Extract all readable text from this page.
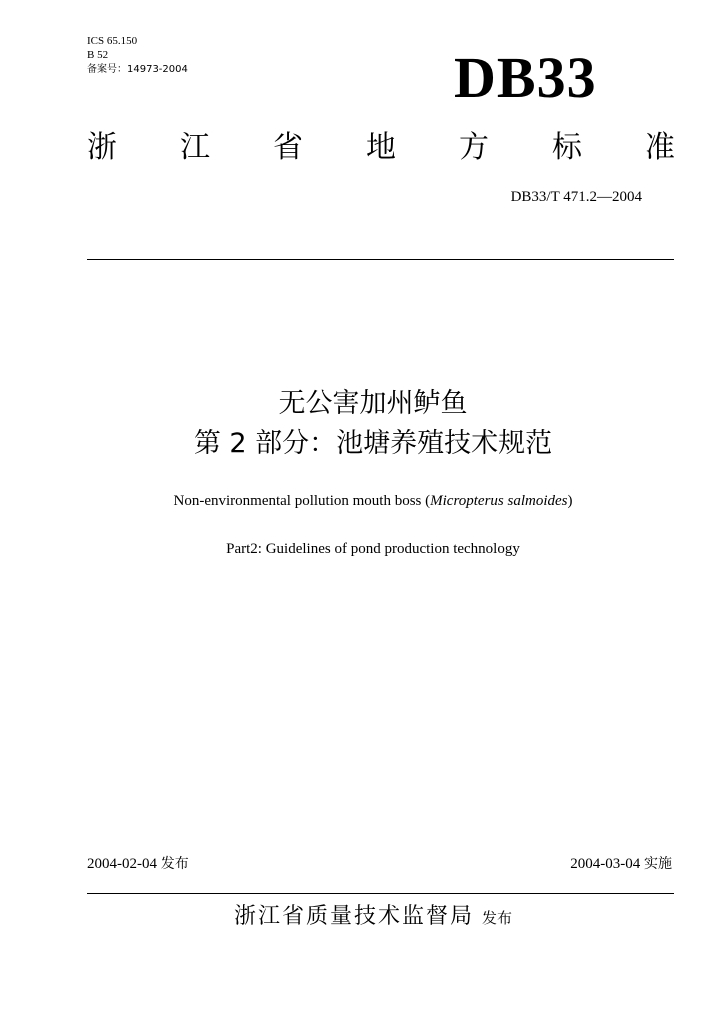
ICS 65.150
B 52
备案号：14973-2004	DB33
浙 江 省 地 方 标 准
DB33/T 471.2—2004
无公害加州鲈鱼
第 2 部分：池塘养殖技术规范
Non-environmental pollution mouth boss (Micropterus salmoides)
Part2: Guidelines of pond production technology
2004-02-04 发布	2004-03-04 实施
浙江省质量技术监督局 发布
